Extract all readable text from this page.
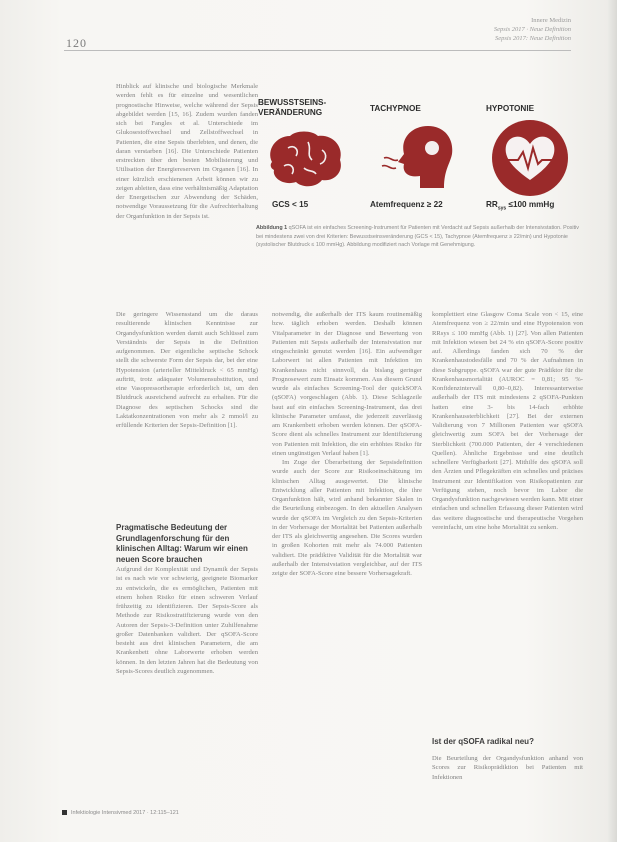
120
Innere Medizin
Sepsis 2017 · Neue Definition
Sepsis 2017: Neue Definition

Hinblick auf klinische und biologische Merkmale werden fehlt es für einzelne und wesentlichen prognostische Hinweise, welche während der Sepsis abgebildet werden [15, 16]. Zudem wurden fanden sich bei Fangles et al. Unterschiede im Glukosestoffwechsel und Zellstoffwechsel in Patienten, die eine Sepsis überlebten, und denen, die daran verstarben [16]. Die Unterschiede Patienten erstreckten über den besten Mobilisierung und Utilisation der Energiereserven im Organen [16]. In einer kürzlich erschienenen Arbeit können wir zu zeigen ableiten, dass eine verhältnismäßig Adaptation der Energetischen zur Abwendung der Schäden, notwendige Voraussetzung für die Aufrechterhaltung der Organfunktion in der Sepsis ist.

BEWUSSTSEINS-
VERÄNDERUNG	TACHYPNOE	HYPOTONIE
GCS < 15	Atemfrequenz ≥ 22	$RR_{sys} \le 100$ mmHg
Abbildung 1 qSOFA ist ein einfaches Screening-Instrument für Patienten mit Verdacht auf Sepsis außerhalb der Intensivstation. Positiv bei mindestens zwei von drei Kriterien: Bewusstseinsveränderung (GCS < 15), Tachypnoe (Atemfrequenz ≥ 22/min) und Hypotonie (systolischer Blutdruck ≤ 100 mmHg). Abbildung modifiziert nach Vorlage mit Genehmigung.

Die geringere Wissensstand um die daraus resultierende klinischen Kenntnisse zur Organdysfunktion werden damit auch Schlüssel zum Verständnis der Sepsis in die Definition aufgenommen. Der eigentliche septische Schock stellt die schwerste Form der Sepsis dar, bei der eine Hypotension (arterieller Mitteldruck < 65 mmHg) auftritt, trotz adäquater Volumensubstitution, und eine Vasopressortherapie erforderlich ist, um den Blutdruck ausreichend aufrecht zu erhalten. Für die Diagnose des septischen Schocks sind die Laktatkonzentrationen von mehr als 2 mmol/l zu erfüllende Kriterien der Sepsis-Definition [1].

Pragmatische Bedeutung der Grundlagenforschung für den klinischen Alltag: Warum wir einen neuen Score brauchen

Aufgrund der Komplexität und Dynamik der Sepsis ist es nach wie vor schwierig, geeignete Biomarker zu entwickeln, die es ermöglichen, Patienten mit einem hohen Risiko für einen schweren Verlauf frühzeitig zu identifizieren. Der Sepsis-Score als Methode zur Risikostratifizierung wurde von den Autoren der Sepsis-3-Definition unter Zuhilfenahme großer Datenbanken validiert. Der qSOFA-Score besteht aus drei klinischen Parametern, die am Krankenbett ohne Laborwerte erhoben werden können. In den letzten Jahren hat die Bedeutung von Sepsis-Scores deutlich zugenommen.

notwendig, die außerhalb der ITS kaum routinemäßig bzw. täglich erhoben werden. Deshalb können Vitalparameter in der Diagnose und Bewertung von Patienten mit Sepsis außerhalb der Intensivstation nur eingeschränkt genutzt werden [16]. Ein aufwendiger Laborwert ist allen Patienten mit Infektion im Krankenhaus nicht sinnvoll, da bislang geringer Prognosewert zum Einsatz kommen. Aus diesem Grund wurde als einfaches Screening-Tool der quickSOFA (qSOFA) vorgeschlagen (Abb. 1). Diese Schlagzeile baut auf ein einfaches Screening-Instrument, das drei klinische Parameter umfasst, die jederzeit zuverlässig am Krankenbett erhoben werden können. Der qSOFA-Score dient als schnelles Instrument zur Identifizierung von Patienten mit Infektion, die ein erhöhtes Risiko für einen ungünstigen Verlauf haben [1].

Im Zuge der Überarbeitung der Sepsisdefinition wurde auch der Score zur Risikoeinschätzung im klinischen Alltag ausgewertet. Die klinische Entwicklung aller Patienten mit Infektion, die ihre Organfunktion hält, wird anhand bekannter Skalen in die Beurteilung einbezogen. In den aktuellen Analysen wurde der qSOFA im Vergleich zu den Sepsis-Kriterien in der Vorhersage der Mortalität bei Patienten außerhalb der ITS als gleichwertig angesehen. Die Scores wurden in großen Kohorten mit mehr als 74.000 Patienten validiert. Die prädiktive Validität für die Mortalität war außerhalb der Intensivstation vergleichbar, auf der ITS zeigte der SOFA-Score eine bessere Vorhersagekraft.

komplettiert eine Glasgow Coma Scale von < 15, eine Atemfrequenz von ≥ 22/min und eine Hypotension von RRsys ≤ 100 mmHg (Abb. 1) [27]. Von allen Patienten mit Infektion wiesen bei 24 % ein qSOFA-Score positiv auf. Allerdings fanden sich 70 % der Krankenhaustodesfälle und 70 % der Aufnahmen in diese Subgruppe. qSOFA war der gute Prädiktor für die Krankenhausmortalität (AUROC = 0,81; 95 %-Konfidenzintervall 0,80–0,82). Interessanterweise außerhalb der ITS mit mindestens 2 qSOFA-Punkten hatten eine 3- bis 14-fach erhöhte Krankenhaussterblichkeit [27]. Bei der externen Validierung von 7 Millionen Patienten war qSOFA gleichwertig zum SOFA bei der Vorhersage der Sterblichkeit (700.000 Patienten, der 4 verschiedenen Quellen). Ähnliche Ergebnisse und eine deutlich schnellere Verfügbarkeit [27]. Mithilfe des qSOFA soll den Ärzten und Pflegekräften ein schnelles und präzises Instrument zur Identifikation von Risikopatienten zur Verfügung stehen, noch bevor im Labor die Organdysfunktion nachgewiesen werden kann. Mit einer einfachen und schnellen Erfassung dieser Patienten wird das weitere diagnostische und therapeutische Vorgehen vereinfacht, um eine hohe Mortalität zu senken.

Ist der qSOFA radikal neu?

Die Beurteilung der Organdysfunktion anhand von Scores zur Risikoprädiktion bei Patienten mit Infektionen

Infektiologie Intensivmed 2017 · 12:115–121
